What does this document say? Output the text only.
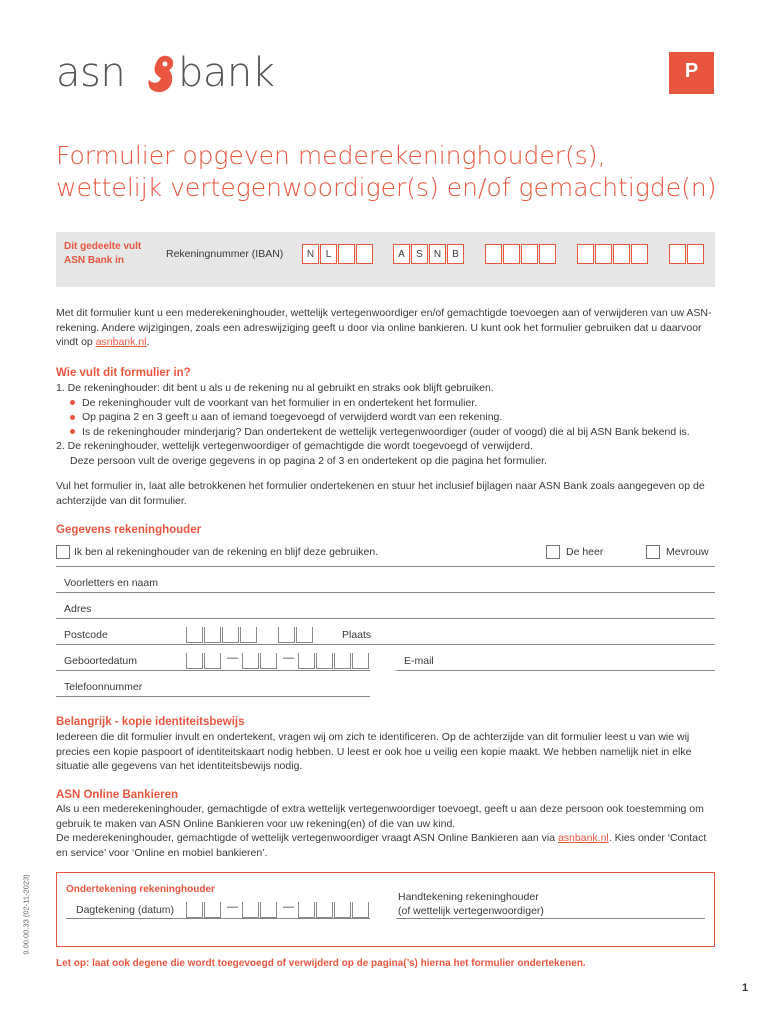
asn bank	P
Formulier opgeven mederekeninghouder(s),
wettelijk vertegenwoordiger(s) en/of gemachtigde(n)
Dit gedeelte vult
ASN Bank in
Rekeningnummer (IBAN)	N	L	A	S	N	B
Met dit formulier kunt u een mederekeninghouder, wettelijk vertegenwoordiger en/of gemachtigde toevoegen aan of verwijderen van uw ASN-rekening. Andere wijzigingen, zoals een adreswijziging geeft u door via online bankieren. U kunt ook het formulier gebruiken dat u daarvoor vindt op asnbank.nl.
Wie vult dit formulier in?
1. De rekeninghouder: dit bent u als u de rekening nu al gebruikt en straks ook blijft gebruiken.
De rekeninghouder vult de voorkant van het formulier in en ondertekent het formulier.
Op pagina 2 en 3 geeft u aan of iemand toegevoegd of verwijderd wordt van een rekening.
Is de rekeninghouder minderjarig? Dan ondertekent de wettelijk vertegenwoordiger (ouder of voogd) die al bij ASN Bank bekend is.
2. De rekeninghouder, wettelijk vertegenwoordiger of gemachtigde die wordt toegevoegd of verwijderd.
Deze persoon vult de overige gegevens in op pagina 2 of 3 en ondertekent op die pagina het formulier.
Vul het formulier in, laat alle betrokkenen het formulier ondertekenen en stuur het inclusief bijlagen naar ASN Bank zoals aangegeven op de achterzijde van dit formulier.
Gegevens rekeninghouder
Ik ben al rekeninghouder van de rekening en blijf deze gebruiken.	De heer	Mevrouw
Voorletters en naam
Adres
Postcode	Plaats
Geboortedatum	—	—	E-mail
Telefoonnummer
Belangrijk - kopie identiteitsbewijs
Iedereen die dit formulier invult en ondertekent, vragen wij om zich te identificeren. Op de achterzijde van dit formulier leest u van wie wij precies een kopie paspoort of identiteitskaart nodig hebben. U leest er ook hoe u veilig een kopie maakt. We hebben namelijk niet in elke situatie alle gegevens van het identiteitsbewijs nodig.
ASN Online Bankieren
Als u een mederekeninghouder, gemachtigde of extra wettelijk vertegenwoordiger toevoegt, geeft u aan deze persoon ook toestemming om gebruik te maken van ASN Online Bankieren voor uw rekening(en) of die van uw kind.
De mederekeninghouder, gemachtigde of wettelijk vertegenwoordiger vraagt ASN Online Bankieren aan via asnbank.nl. Kies onder ‘Contact en service’ voor ‘Online en mobiel bankieren’.
Ondertekening rekeninghouder
Dagtekening (datum)	—	—
Handtekening rekeninghouder
(of wettelijk vertegenwoordiger)
9.00.00.33 (02-11-2023)
Let op: laat ook degene die wordt toegevoegd of verwijderd op de pagina(’s) hierna het formulier ondertekenen.
1
